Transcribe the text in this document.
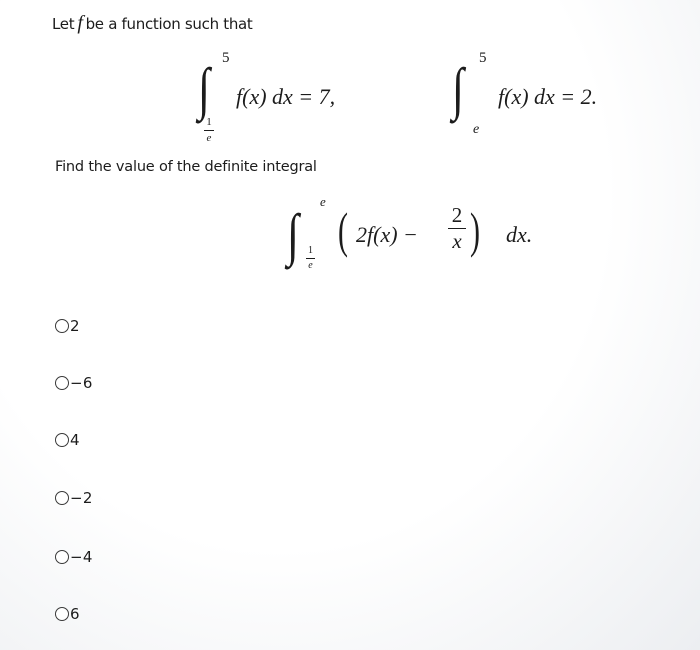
Let f be a function such that
∫ 5
1
e
f(x) dx = 7, ∫ 5
e
f(x) dx = 2.
Find the value of the definite integral
∫
e
1
e
( 2f(x) −
2
x ) dx.
2
−6
4
−2
−4
6
